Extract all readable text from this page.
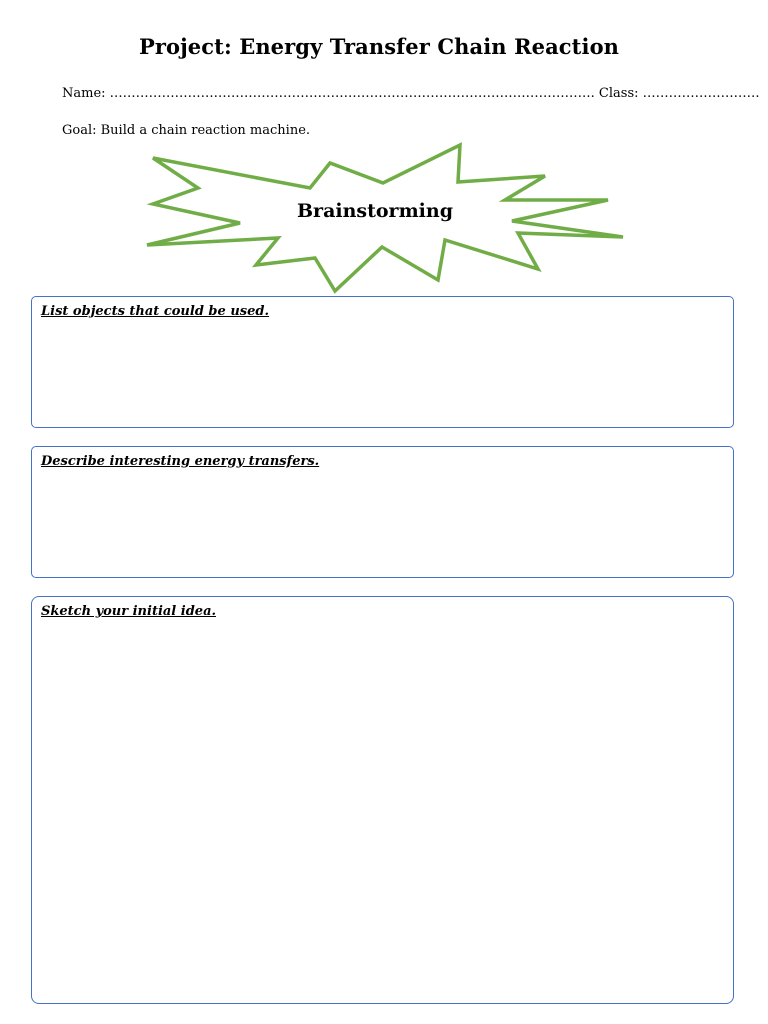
Project: Energy Transfer Chain Reaction
Name: …………………………………………………………………………………………………. Class: ………………………
Goal: Build a chain reaction machine.
Brainstorming
List objects that could be used.
Describe interesting energy transfers.
Sketch your initial idea.
